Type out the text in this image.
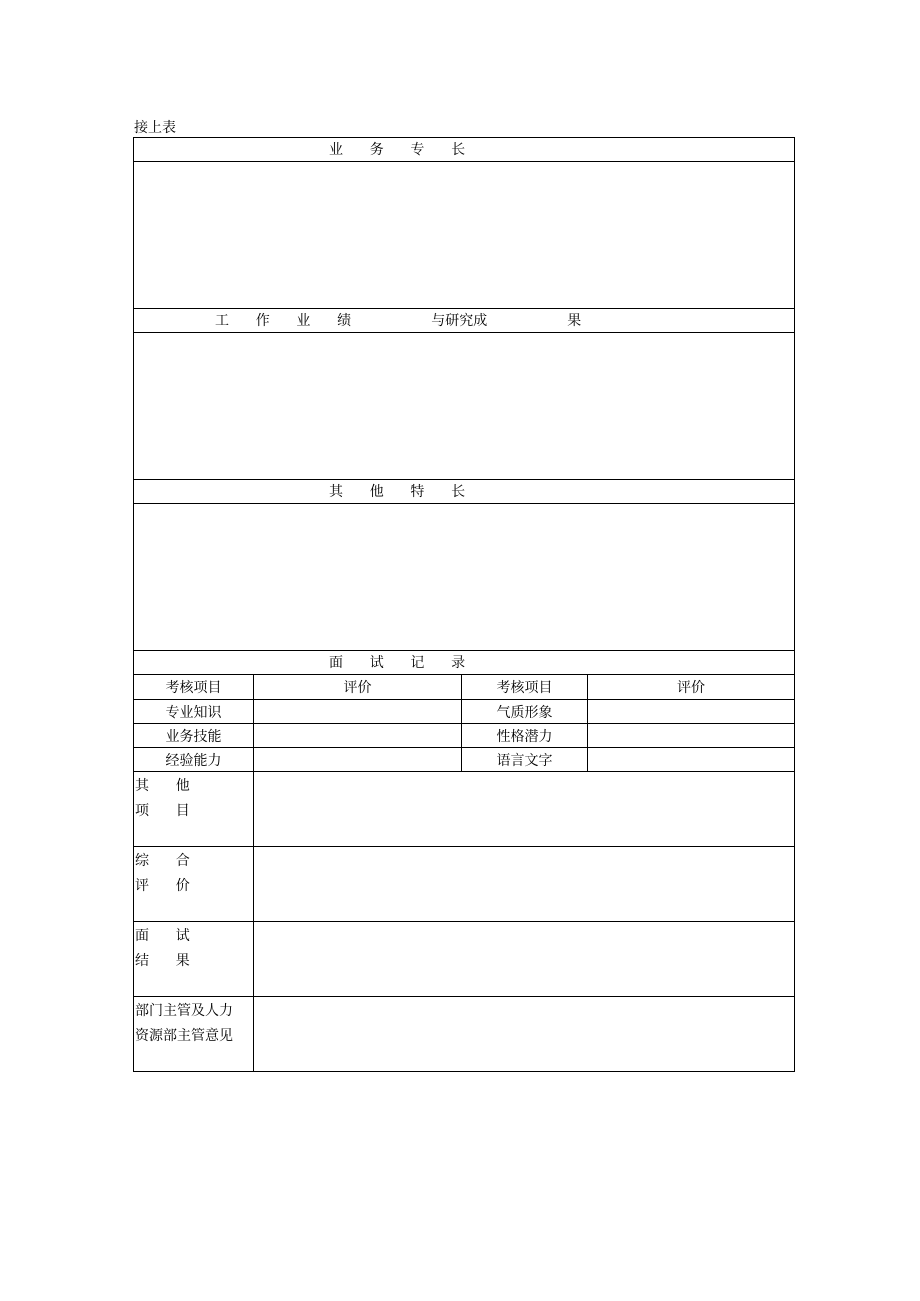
接上表
业      务      专      长			

工      作      业      绩                  与研究成                  果			

其      他      特      长			

面      试      记      录			
考核项目	评价	考核项目	评价
专业知识		气质形象	
业务技能		性格潜力	
经验能力		语言文字	

其      他
项      目			

综      合
评      价			

面      试
结      果			

部门主管及人力
资源部主管意见			
